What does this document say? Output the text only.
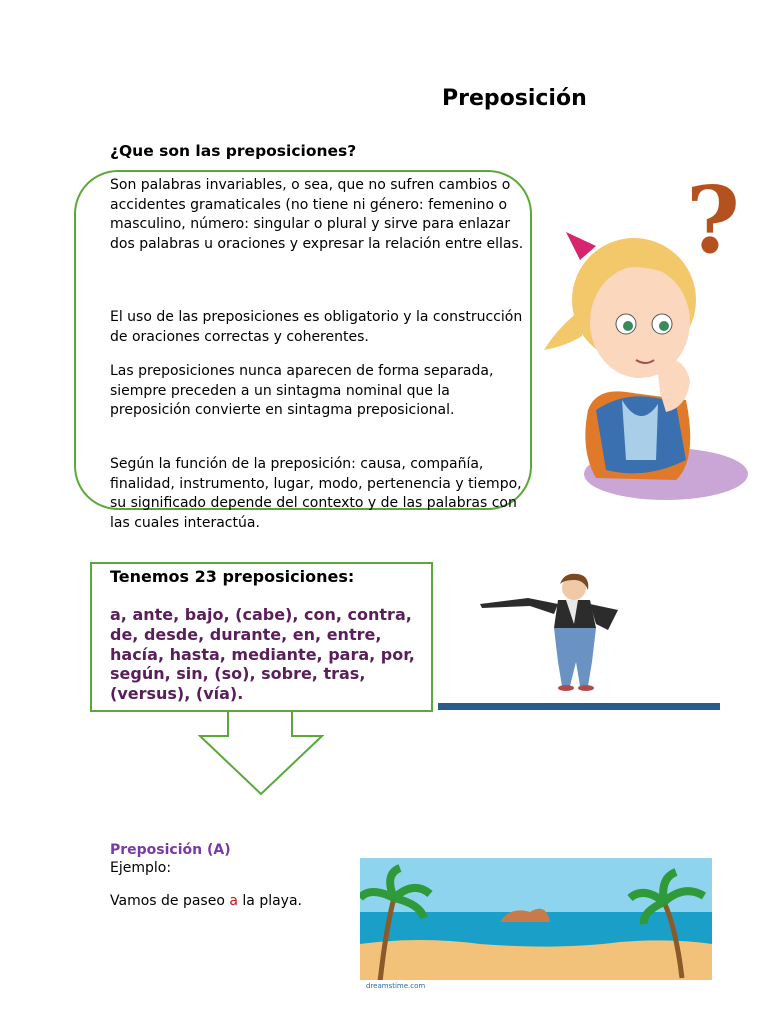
Preposición
¿Que son las preposiciones?

Son palabras invariables, o sea, que no sufren cambios o accidentes gramaticales (no tiene ni género: femenino o masculino, número: singular o plural y sirve para enlazar dos palabras u oraciones y expresar la relación entre ellas.

El uso de las preposiciones es obligatorio y la construcción de oraciones correctas y coherentes.

Las preposiciones nunca aparecen de forma separada, siempre preceden a un sintagma nominal que la preposición convierte en sintagma preposicional.

Según la función de la preposición: causa, compañía, finalidad, instrumento, lugar, modo, pertenencia y tiempo, su significado depende del contexto y de las palabras con las cuales interactúa.

?
Tenemos 23 preposiciones:
a, ante, bajo, (cabe), con, contra, de, desde, durante, en, entre, hacía, hasta, mediante, para, por, según, sin, (so), sobre, tras, (versus), (vía).
Preposición (A)
Ejemplo:
Vamos de paseo a la playa.
dreamstime.com
